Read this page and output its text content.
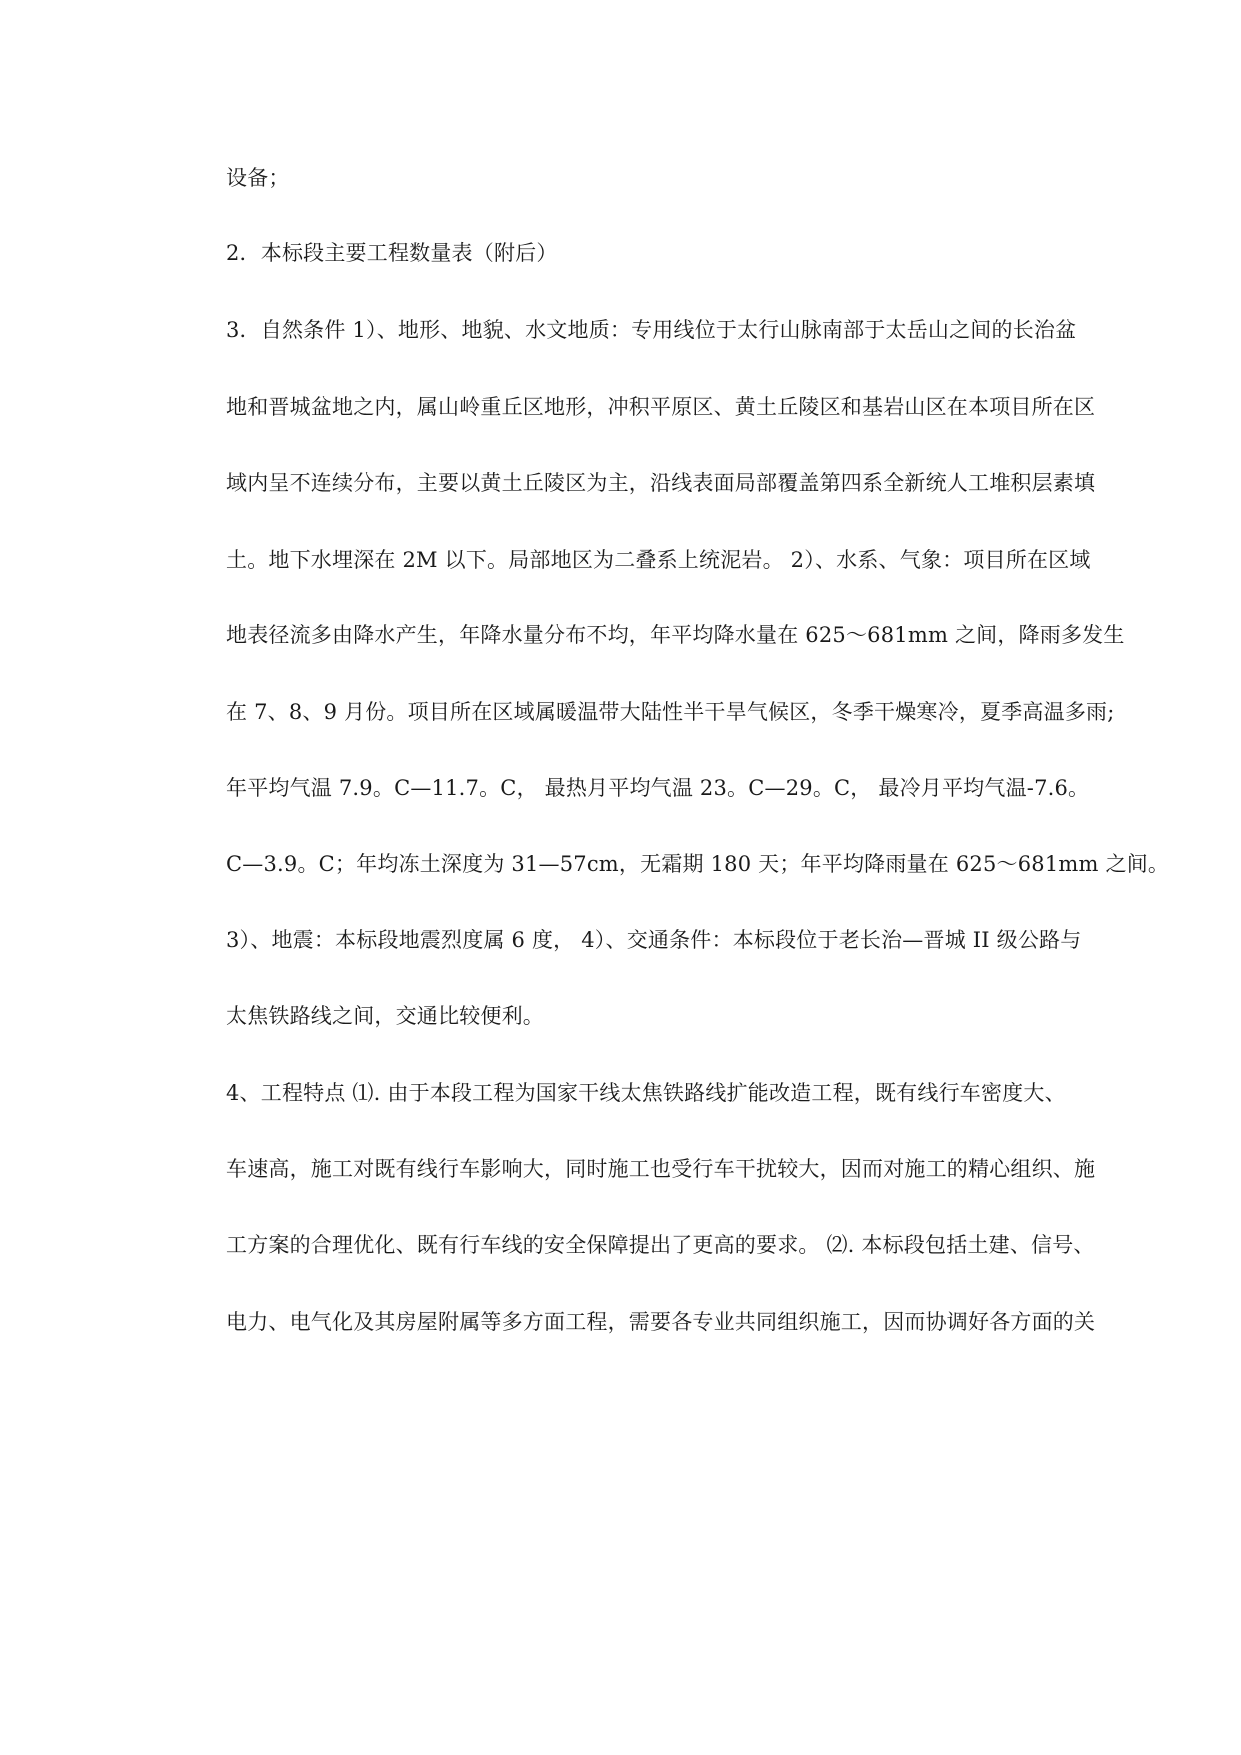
设备；
2．本标段主要工程数量表（附后）
3．自然条件 1）、地形、地貌、水文地质：专用线位于太行山脉南部于太岳山之间的长治盆
地和晋城盆地之内，属山岭重丘区地形，冲积平原区、黄土丘陵区和基岩山区在本项目所在区
域内呈不连续分布，主要以黄土丘陵区为主，沿线表面局部覆盖第四系全新统人工堆积层素填
土。地下水埋深在 2M 以下。局部地区为二叠系上统泥岩。 2）、水系、气象：项目所在区域
地表径流多由降水产生，年降水量分布不均，年平均降水量在 625～681mm 之间，降雨多发生
在 7、8、9 月份。项目所在区域属暖温带大陆性半干旱气候区，冬季干燥寒冷，夏季高温多雨;
年平均气温 7.9。C—11.7。C， 最热月平均气温 23。C—29。C， 最冷月平均气温-7.6。
C—3.9。C；年均冻土深度为 31—57cm，无霜期 180 天；年平均降雨量在 625～681mm 之间。
3）、地震：本标段地震烈度属 6 度， 4）、交通条件：本标段位于老长治—晋城 II 级公路与
太焦铁路线之间，交通比较便利。
4、工程特点 ⑴. 由于本段工程为国家干线太焦铁路线扩能改造工程，既有线行车密度大、
车速高，施工对既有线行车影响大，同时施工也受行车干扰较大，因而对施工的精心组织、施
工方案的合理优化、既有行车线的安全保障提出了更高的要求。 ⑵. 本标段包括土建、信号、
电力、电气化及其房屋附属等多方面工程，需要各专业共同组织施工，因而协调好各方面的关
